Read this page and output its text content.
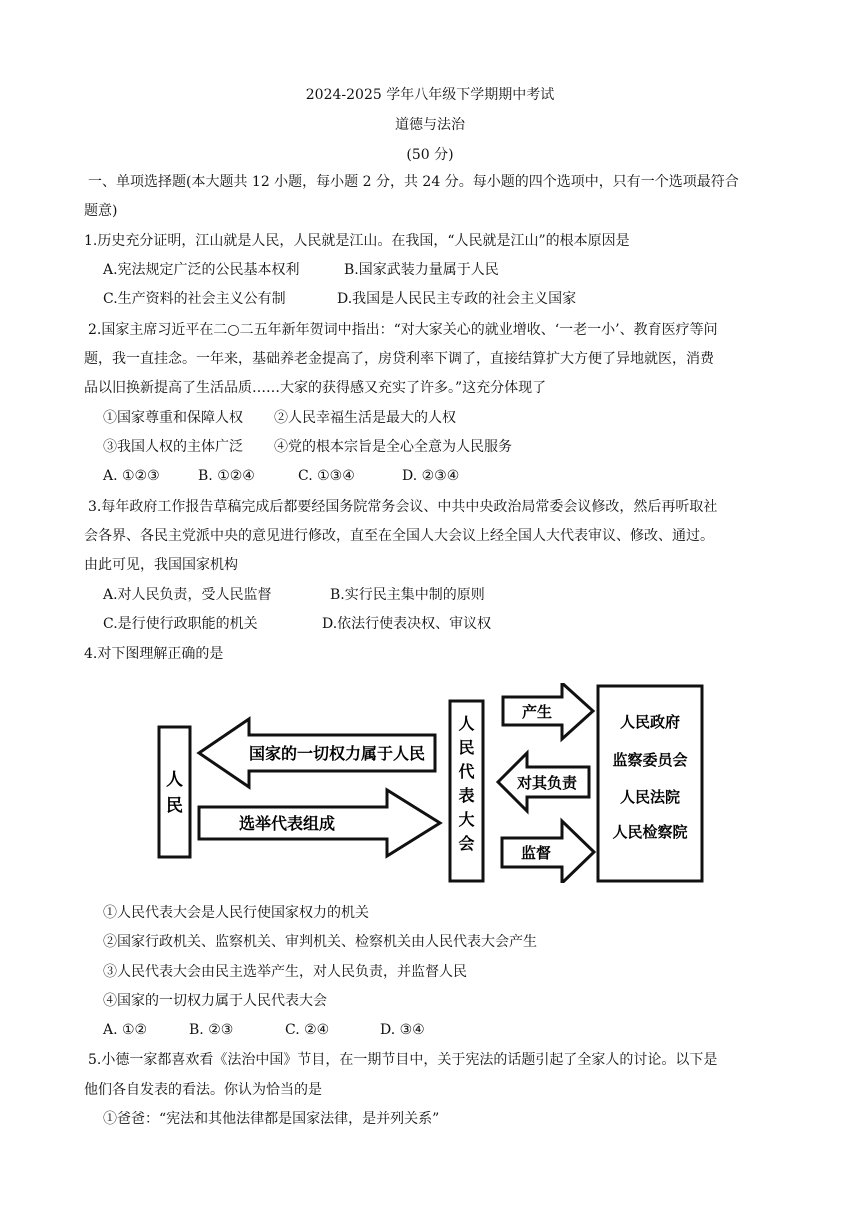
2024-2025 学年八年级下学期期中考试
道德与法治
(50 分)
一、单项选择题(本大题共 12 小题，每小题 2 分，共 24 分。每小题的四个选项中，只有一个选项最符合
题意)
1.历史充分证明，江山就是人民，人民就是江山。在我国，“人民就是江山”的根本原因是
A.宪法规定广泛的公民基本权利	B.国家武装力量属于人民
C.生产资料的社会主义公有制	D.我国是人民民主专政的社会主义国家
2.国家主席习近平在二○二五年新年贺词中指出：“对大家关心的就业增收、‘一老一小’、教育医疗等问
题，我一直挂念。一年来，基础养老金提高了，房贷利率下调了，直接结算扩大方便了异地就医，消费
品以旧换新提高了生活品质……大家的获得感又充实了许多。”这充分体现了
①国家尊重和保障人权 ②人民幸福生活是最大的人权
③我国人权的主体广泛 ④党的根本宗旨是全心全意为人民服务
A. ①②③	B. ①②④	C. ①③④	D. ②③④
3.每年政府工作报告草稿完成后都要经国务院常务会议、中共中央政治局常委会议修改，然后再听取社
会各界、各民主党派中央的意见进行修改，直至在全国人大会议上经全国人大代表审议、修改、通过。
由此可见，我国国家机构
A.对人民负责，受人民监督	B.实行民主集中制的原则
C.是行使行政职能的机关	D.依法行使表决权、审议权
4.对下图理解正确的是
人
民
国家的一切权力属于人民
选举代表组成
人
民
代
表
大
会
产生
对其负责
监督
人民政府
监察委员会
人民法院
人民检察院
①人民代表大会是人民行使国家权力的机关
②国家行政机关、监察机关、审判机关、检察机关由人民代表大会产生
③人民代表大会由民主选举产生，对人民负责，并监督人民
④国家的一切权力属于人民代表大会
A. ①②	B. ②③	C. ②④	D. ③④
5.小德一家都喜欢看《法治中国》节目，在一期节目中，关于宪法的话题引起了全家人的讨论。以下是
他们各自发表的看法。你认为恰当的是
①爸爸：“宪法和其他法律都是国家法律，是并列关系”
